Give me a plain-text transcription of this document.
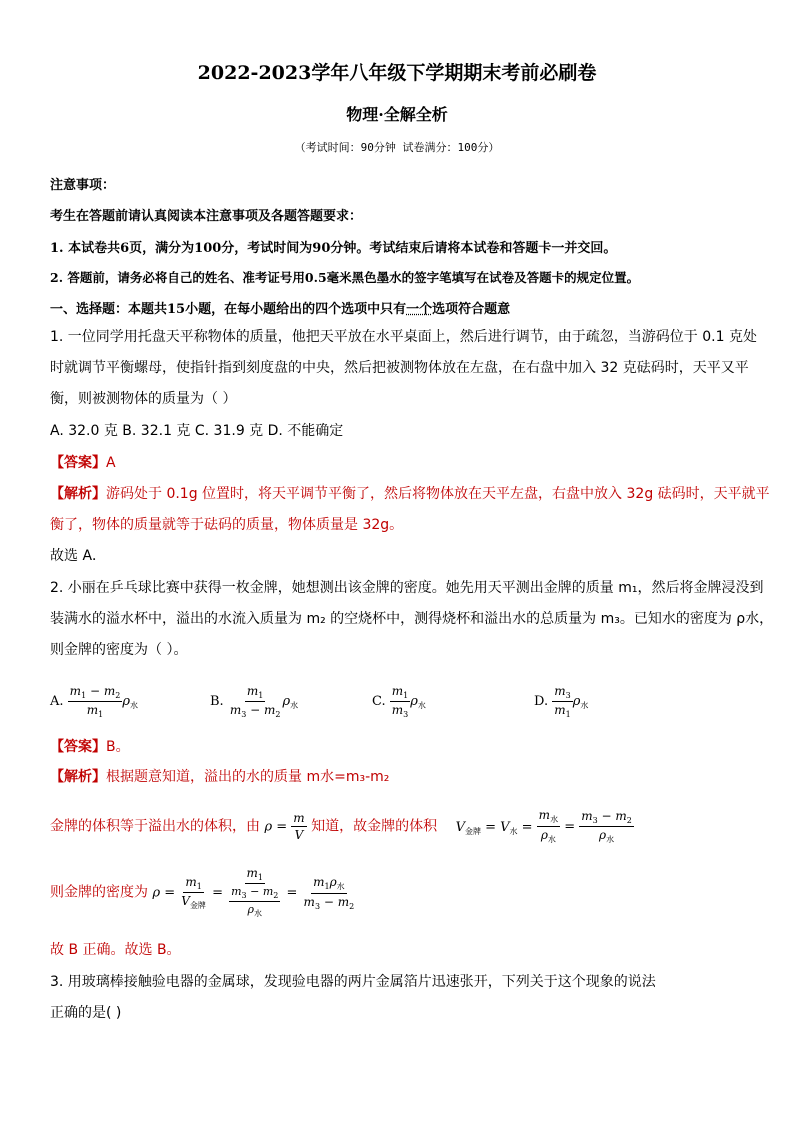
2022-2023学年八年级下学期期末考前必刷卷
物理·全解全析
（考试时间：90分钟 试卷满分：100分）
注意事项：
考生在答题前请认真阅读本注意事项及各题答题要求：
1. 本试卷共6页，满分为100分，考试时间为90分钟。考试结束后请将本试卷和答题卡一并交回。
2. 答题前，请务必将自己的姓名、准考证号用0.5毫米黑色墨水的签字笔填写在试卷及答题卡的规定位置。
一、选择题：本题共15小题，在每小题给出的四个选项中只有一个选项符合题意
1. 一位同学用托盘天平称物体的质量，他把天平放在水平桌面上，然后进行调节，由于疏忽，当游码位于 0.1 克处
时就调节平衡螺母，使指针指到刻度盘的中央，然后把被测物体放在左盘，在右盘中加入 32 克砝码时，天平又平
衡，则被测物体的质量为（ ）
A. 32.0 克 B. 32.1 克 C. 31.9 克 D. 不能确定
【答案】A
【解析】游码处于 0.1g 位置时，将天平调节平衡了，然后将物体放在天平左盘，右盘中放入 32g 砝码时，天平就平
衡了，物体的质量就等于砝码的质量，物体质量是 32g。
故选 A．
2. 小丽在乒乓球比赛中获得一枚金牌，她想测出该金牌的密度。她先用天平测出金牌的质量 m₁，然后将金牌浸没到
装满水的溢水杯中，溢出的水流入质量为 m₂ 的空烧杯中，测得烧杯和溢出水的总质量为 m₃。已知水的密度为 ρ水，
则金牌的密度为（ ）。
A. $\frac{m_1 - m_2}{m_1} \rho_水$	B. $\frac{m_1}{m_3 - m_2} \rho_水$	C. $\frac{m_1}{m_3} \rho_水$	D. $\frac{m_3}{m_1} \rho_水$
【答案】B。
【解析】根据题意知道，溢出的水的质量 m水=m₃-m₂
金牌的体积等于溢出水的体积，由 $\rho = \frac{m}{V}$ 知道，故金牌的体积 $V_{金牌} = V_水 = \frac{m_水}{\rho_水} = \frac{m_3 - m_2}{\rho_水}$
则金牌的密度为 $\rho = \frac{m_1}{V_{金牌}} = \frac{m_1}{\frac{m_3 - m_2}{\rho_水}} = \frac{m_1\rho_水}{m_3 - m_2}$
故 B 正确。故选 B。
3. 用玻璃棒接触验电器的金属球，发现验电器的两片金属箔片迅速张开，下列关于这个现象的说法
正确的是( )
